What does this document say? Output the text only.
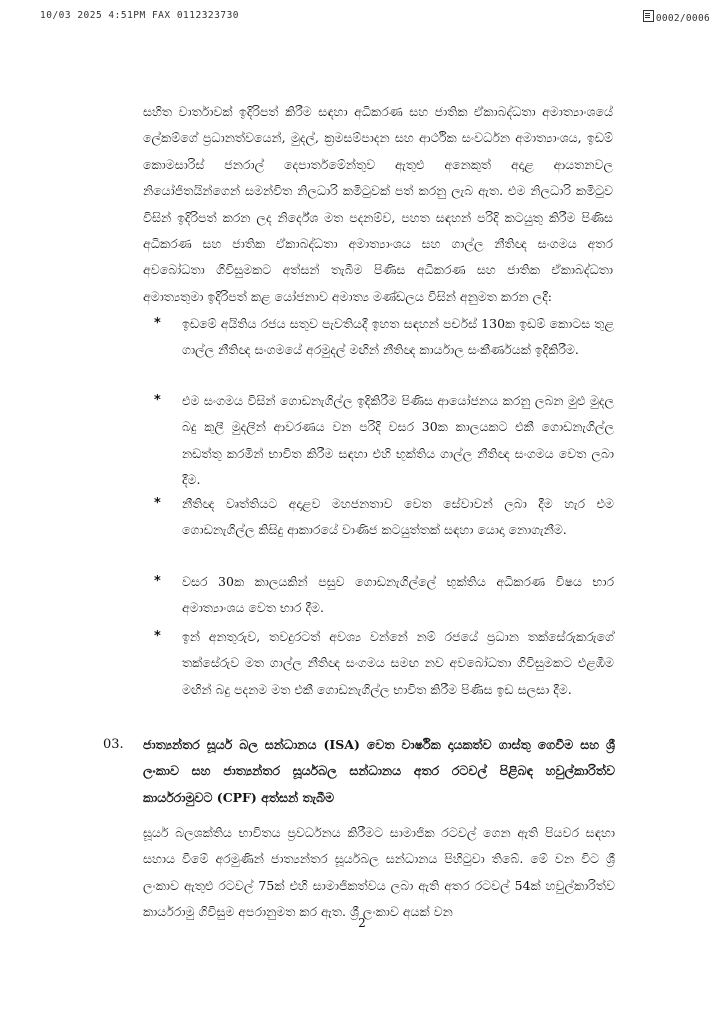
10/03 2025 4:51PM FAX 0112323730	0002/0006

සහිත වාර්තාවක් ඉදිරිපත් කිරීම සඳහා අධිකරණ සහ ජාතික ඒකාබද්ධතා අමාත්‍යාංශයේ ලේකම්ගේ ප්‍රධානත්වයෙන්, මුදල්, ක්‍රමසම්පාදන සහ ආර්ථික සංවර්ධන අමාත්‍යාංශය, ඉඩම් කොමසාරිස් ජනරාල් දෙපාර්තමේන්තුව ඇතුළු අනෙකුත් අදාළ ආයතනවල නියෝජිතයින්ගෙන් සමන්විත නිලධාරි කමිටුවක් පත් කරනු ලැබ ඇත. එම නිලධාරි කමිටුව විසින් ඉදිරිපත් කරන ලද නිර්දේශ මත පදනම්ව, පහත සඳහන් පරිදි කටයුතු කිරීම පිණිස අධිකරණ සහ ජාතික ඒකාබද්ධතා අමාත්‍යාංශය සහ ගාල්ල නීතිඥ සංගමය අතර අවබෝධතා ගිවිසුමකට අත්සන් තැබීම පිණිස අධිකරණ සහ ජාතික ඒකාබද්ධතා අමාත්‍යතුමා ඉදිරිපත් කළ යෝජනාව අමාත්‍ය මණ්ඩලය විසින් අනුමත කරන ලදී:

*	ඉඩමේ අයිතිය රජය සතුව පැවතියදී ඉහත සඳහන් පර්චස් 130ක ඉඩම් කොටස තුළ ගාල්ල නීතිඥ සංගමයේ අරමුදල් මඟින් නීතිඥ කාර්යාල සංකීර්ණයක් ඉදිකිරීම.
*	එම සංගමය විසින් ගොඩනැගිල්ල ඉදිකිරීම පිණිස ආයෝජනය කරනු ලබන මුළු මුදල බදු කුලී මුදලින් ආවරණය වන පරිදි වසර 30ක කාලයකට එකී ගොඩනැගිල්ල නඩත්තු කරමින් භාවිත කිරීම සඳහා එහි භුක්තිය ගාල්ල නීතිඥ සංගමය වෙත ලබා දීම.
*	නීතිඥ වෘත්තියට අදාළව මහජනතාව වෙත සේවාවන් ලබා දීම හැර එම ගොඩනැගිල්ල කිසිදු ආකාරයේ වාණිජ කටයුත්තක් සඳහා යොදා නොගැනීම.
*	වසර 30ක කාලයකින් පසුව ගොඩනැගිල්ලේ භුක්තිය අධිකරණ විෂය භාර අමාත්‍යාංශය වෙත භාර දීම.
*	ඉන් අනතුරුව, තවදුරටත් අවශ්‍ය වන්නේ නම් රජයේ ප්‍රධාන තක්සේරුකරුගේ තක්සේරුව මත ගාල්ල නීතිඥ සංගමය සමඟ නව අවබෝධතා ගිවිසුමකට එළඹීම මඟින් බදු පදනම මත එකී ගොඩනැගිල්ල භාවිත කිරීම පිණිස ඉඩ සලසා දීම.
03. ජාත්‍යන්තර සූර්ය බල සන්ධානය (ISA) වෙත වාර්ෂික දායකත්ව ගාස්තු ගෙවීම සහ ශ්‍රී ලංකාව සහ ජාත්‍යන්තර සූර්යබල සන්ධානය අතර රටවල් පිළිබඳ හවුල්කාරිත්ව කාර්යරාමුවට (CPF) අත්සන් තැබීම
සූර්ය බලශක්තිය භාවිතය ප්‍රවර්ධනය කිරීමට සාමාජික රටවල් ගෙන ඇති පියවර සඳහා සහාය වීමේ අරමුණින් ජාත්‍යන්තර සූර්යබල සන්ධානය පිහිටුවා තිබේ. මේ වන විට ශ්‍රී ලංකාව ඇතුළු රටවල් 75ක් එහි සාමාජිකත්වය ලබා ඇති අතර රටවල් 54ක් හවුල්කාරිත්ව කාර්යරාමු ගිවිසුම අපරානුමත කර ඇත. ශ්‍රී ලංකාව අයක් වන
2
